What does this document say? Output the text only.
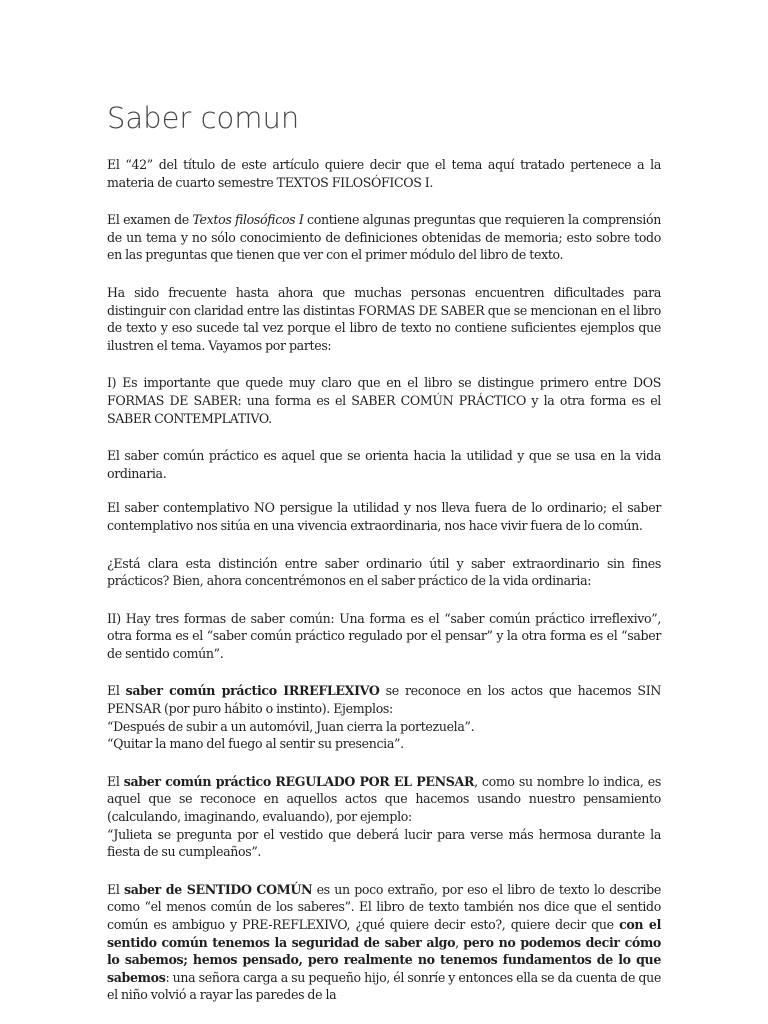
Saber comun

El “42” del título de este artículo quiere decir que el tema aquí tratado pertenece a la materia de cuarto semestre TEXTOS FILOSÓFICOS I.

El examen de Textos filosóficos I contiene algunas preguntas que requieren la comprensión de un tema y no sólo conocimiento de definiciones obtenidas de memoria; esto sobre todo en las preguntas que tienen que ver con el primer módulo del libro de texto.

Ha sido frecuente hasta ahora que muchas personas encuentren dificultades para distinguir con claridad entre las distintas FORMAS DE SABER que se mencionan en el libro de texto y eso sucede tal vez porque el libro de texto no contiene suficientes ejemplos que ilustren el tema. Vayamos por partes:

I) Es importante que quede muy claro que en el libro se distingue primero entre DOS FORMAS DE SABER: una forma es el SABER COMÚN PRÁCTICO y la otra forma es el SABER CONTEMPLATIVO.

El saber común práctico es aquel que se orienta hacia la utilidad y que se usa en la vida ordinaria.

El saber contemplativo NO persigue la utilidad y nos lleva fuera de lo ordinario; el saber contemplativo nos sitúa en una vivencia extraordinaria, nos hace vivir fuera de lo común.

¿Está clara esta distinción entre saber ordinario útil y saber extraordinario sin fines prácticos? Bien, ahora concentrémonos en el saber práctico de la vida ordinaria:

II) Hay tres formas de saber común: Una forma es el “saber común práctico irreflexivo”, otra forma es el “saber común práctico regulado por el pensar” y la otra forma es el “saber de sentido común”.

El saber común práctico IRREFLEXIVO se reconoce en los actos que hacemos SIN PENSAR (por puro hábito o instinto). Ejemplos:
“Después de subir a un automóvil, Juan cierra la portezuela”.
“Quitar la mano del fuego al sentir su presencia”.

El saber común práctico REGULADO POR EL PENSAR, como su nombre lo indica, es aquel que se reconoce en aquellos actos que hacemos usando nuestro pensamiento (calculando, imaginando, evaluando), por ejemplo:
“Julieta se pregunta por el vestido que deberá lucir para verse más hermosa durante la fiesta de su cumpleaños”.

El saber de SENTIDO COMÚN es un poco extraño, por eso el libro de texto lo describe como “el menos común de los saberes”. El libro de texto también nos dice que el sentido común es ambiguo y PRE-REFLEXIVO, ¿qué quiere decir esto?, quiere decir que con el sentido común tenemos la seguridad de saber algo, pero no podemos decir cómo lo sabemos; hemos pensado, pero realmente no tenemos fundamentos de lo que sabemos: una señora carga a su pequeño hijo, él sonríe y entonces ella se da cuenta de que el niño volvió a rayar las paredes de la
